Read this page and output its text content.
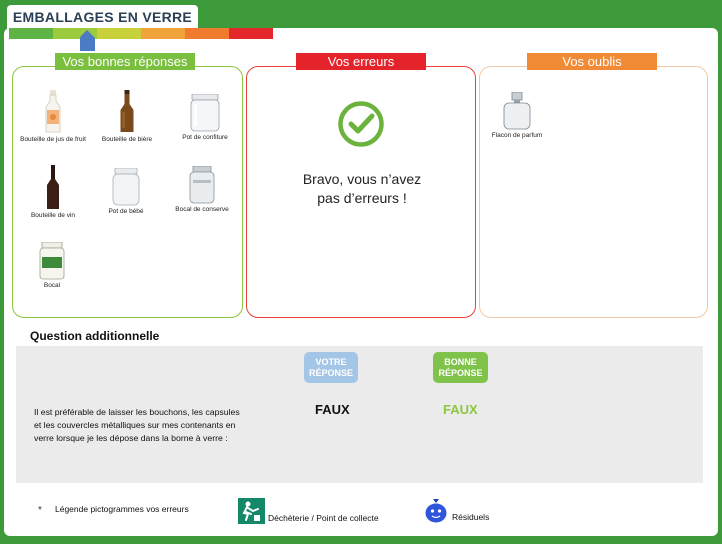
EMBALLAGES EN VERRE
Vos bonnes réponses
Bouteille de jus de fruit	Bouteille de bière	Pot de confiture
Bouteille de vin
Pot de bébé	Bocal de conserve
Bocal
Vos erreurs
Bravo, vous n’avez pas d’erreurs !
Vos oublis
Flacon de parfum
Question additionnelle
Il est préférable de laisser les bouchons, les capsules et les couvercles métalliques sur mes contenants en verre lorsque je les dépose dans la borne à verre :
VOTRE RÉPONSE
BONNE RÉPONSE
FAUX	FAUX
* Légende pictogrammes vos erreurs
Déchèterie / Point de collecte	Résiduels
